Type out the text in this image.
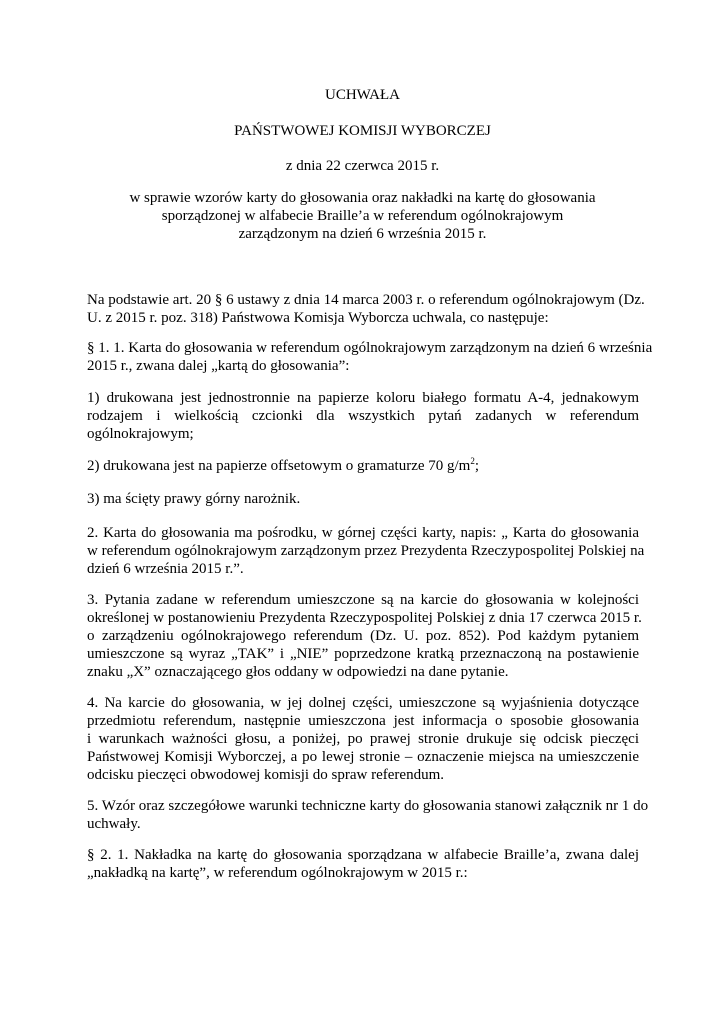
UCHWAŁA
PAŃSTWOWEJ KOMISJI WYBORCZEJ
z dnia 22 czerwca 2015 r.
w sprawie wzorów karty do głosowania oraz nakładki na kartę do głosowania
sporządzonej w alfabecie Braille’a w referendum ogólnokrajowym
zarządzonym na dzień 6 września 2015 r.
Na podstawie art. 20 § 6 ustawy z dnia 14 marca 2003 r. o referendum ogólnokrajowym (Dz.
U. z 2015 r. poz. 318) Państwowa Komisja Wyborcza uchwala, co następuje:
§ 1. 1. Karta do głosowania w referendum ogólnokrajowym zarządzonym na dzień 6 września
2015 r., zwana dalej „kartą do głosowania”:
1) drukowana jest jednostronnie na papierze koloru białego formatu A-4, jednakowym
rodzajem i wielkością czcionki dla wszystkich pytań zadanych w referendum
ogólnokrajowym;
2) drukowana jest na papierze offsetowym o gramaturze 70 $g/m^2$;
3) ma ścięty prawy górny narożnik.
2. Karta do głosowania ma pośrodku, w górnej części karty, napis: „ Karta do głosowania
w referendum ogólnokrajowym zarządzonym przez Prezydenta Rzeczypospolitej Polskiej na
dzień 6 września 2015 r.”.
3. Pytania zadane w referendum umieszczone są na karcie do głosowania w kolejności
określonej w postanowieniu Prezydenta Rzeczypospolitej Polskiej z dnia 17 czerwca 2015 r.
o zarządzeniu ogólnokrajowego referendum (Dz. U. poz. 852). Pod każdym pytaniem
umieszczone są wyraz „TAK” i „NIE” poprzedzone kratką przeznaczoną na postawienie
znaku „X” oznaczającego głos oddany w odpowiedzi na dane pytanie.
4. Na karcie do głosowania, w jej dolnej części, umieszczone są wyjaśnienia dotyczące
przedmiotu referendum, następnie umieszczona jest informacja o sposobie głosowania
i warunkach ważności głosu, a poniżej, po prawej stronie drukuje się odcisk pieczęci
Państwowej Komisji Wyborczej, a po lewej stronie – oznaczenie miejsca na umieszczenie
odcisku pieczęci obwodowej komisji do spraw referendum.
5. Wzór oraz szczegółowe warunki techniczne karty do głosowania stanowi załącznik nr 1 do
uchwały.
§ 2. 1. Nakładka na kartę do głosowania sporządzana w alfabecie Braille’a, zwana dalej
„nakładką na kartę”, w referendum ogólnokrajowym w 2015 r.:
